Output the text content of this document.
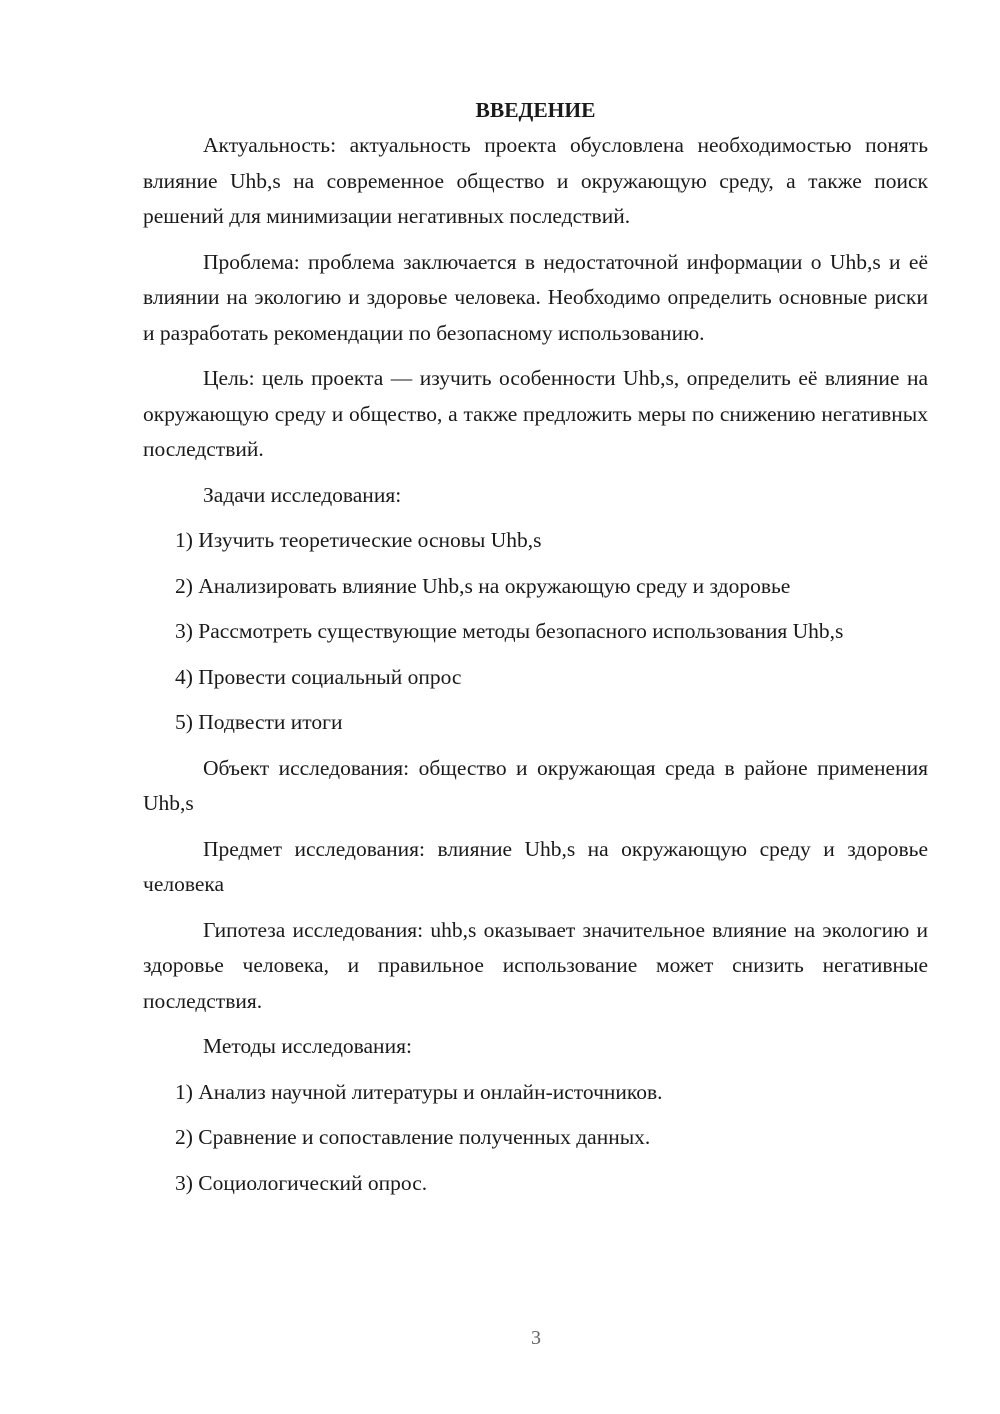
ВВЕДЕНИЕ

Актуальность: актуальность проекта обусловлена необходимостью понять влияние Uhb,s на современное общество и окружающую среду, а также поиск решений для минимизации негативных последствий.

Проблема: проблема заключается в недостаточной информации о Uhb,s и её влиянии на экологию и здоровье человека. Необходимо определить основные риски и разработать рекомендации по безопасному использованию.

Цель: цель проекта — изучить особенности Uhb,s, определить её влияние на окружающую среду и общество, а также предложить меры по снижению негативных последствий.

Задачи исследования:

1) Изучить теоретические основы Uhb,s

2) Анализировать влияние Uhb,s на окружающую среду и здоровье

3) Рассмотреть существующие методы безопасного использования Uhb,s

4) Провести социальный опрос

5) Подвести итоги

Объект исследования: общество и окружающая среда в районе применения Uhb,s

Предмет исследования: влияние Uhb,s на окружающую среду и здоровье человека

Гипотеза исследования: uhb,s оказывает значительное влияние на экологию и здоровье человека, и правильное использование может снизить негативные последствия.

Методы исследования:

1) Анализ научной литературы и онлайн-источников.

2) Сравнение и сопоставление полученных данных.

3) Социологический опрос.

3
